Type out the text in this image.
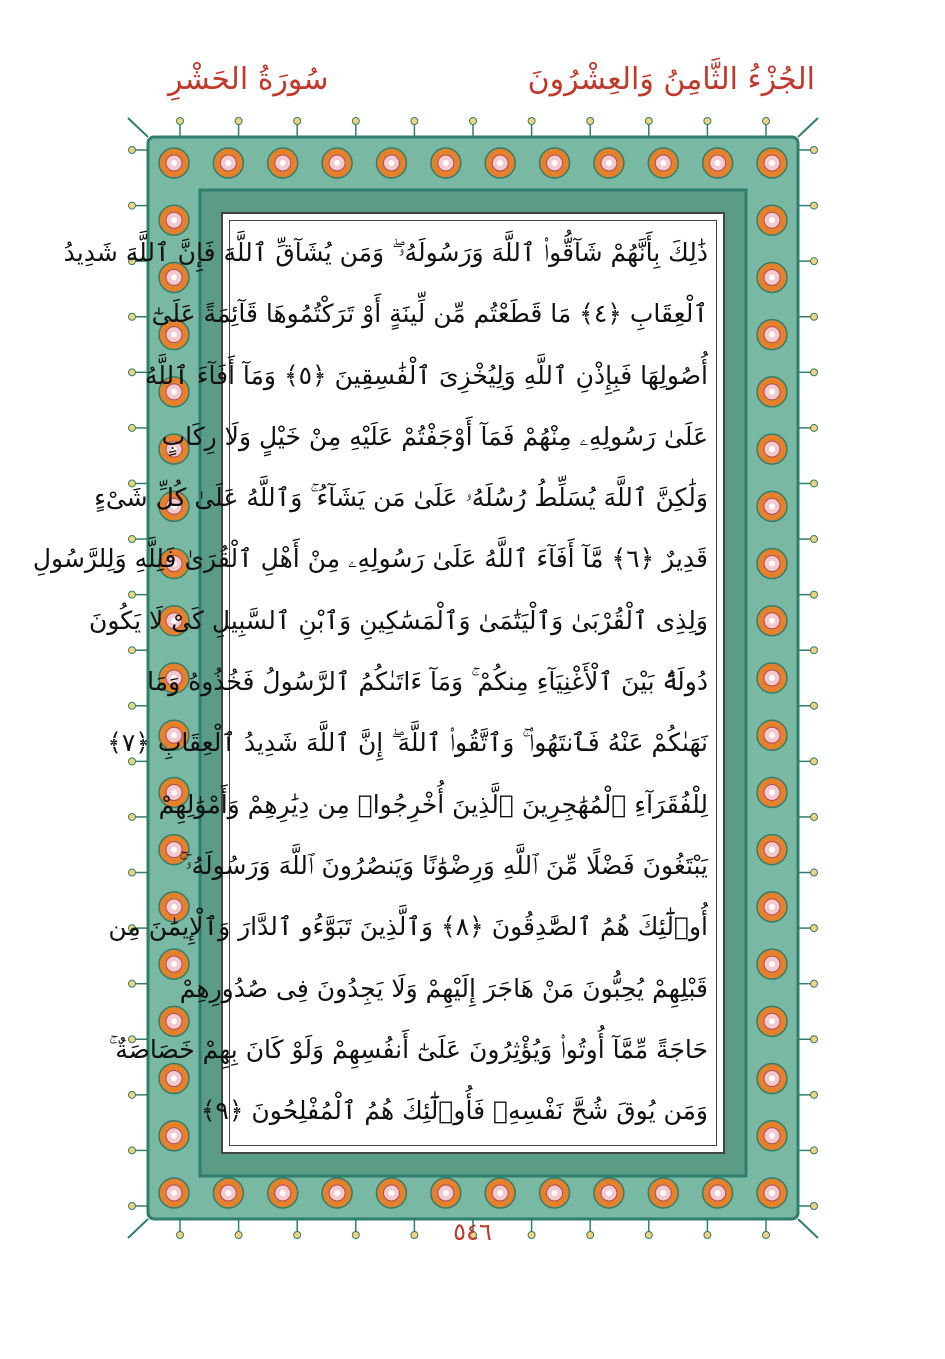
الجُزْءُ الثَّامِنُ وَالعِشْرُونَ
سُورَةُ الحَشْرِ
ذَٰلِكَ بِأَنَّهُمْ شَآقُّوا۟ ٱللَّهَ وَرَسُولَهُۥ ۖ وَمَن يُشَآقِّ ٱللَّهَ فَإِنَّ ٱللَّهَ شَدِيدُ
ٱلْعِقَابِ ﴿٤﴾ مَا قَطَعْتُم مِّن لِّينَةٍ أَوْ تَرَكْتُمُوهَا قَآئِمَةً عَلَىٰٓ
أُصُولِهَا فَبِإِذْنِ ٱللَّهِ وَلِيُخْزِىَ ٱلْفَٰسِقِينَ ﴿٥﴾ وَمَآ أَفَآءَ ٱللَّهُ
عَلَىٰ رَسُولِهِۦ مِنْهُمْ فَمَآ أَوْجَفْتُمْ عَلَيْهِ مِنْ خَيْلٍ وَلَا رِكَابٍ
وَلَٰكِنَّ ٱللَّهَ يُسَلِّطُ رُسُلَهُۥ عَلَىٰ مَن يَشَآءُ ۚ وَٱللَّهُ عَلَىٰ كُلِّ شَىْءٍ
قَدِيرٌ ﴿٦﴾ مَّآ أَفَآءَ ٱللَّهُ عَلَىٰ رَسُولِهِۦ مِنْ أَهْلِ ٱلْقُرَىٰ فَلِلَّهِ وَلِلرَّسُولِ
وَلِذِى ٱلْقُرْبَىٰ وَٱلْيَتَٰمَىٰ وَٱلْمَسَٰكِينِ وَٱبْنِ ٱلسَّبِيلِ كَىْ لَا يَكُونَ
دُولَةًۢ بَيْنَ ٱلْأَغْنِيَآءِ مِنكُمْ ۚ وَمَآ ءَاتَىٰكُمُ ٱلرَّسُولُ فَخُذُوهُ وَمَا
نَهَىٰكُمْ عَنْهُ فَٱنتَهُوا۟ ۚ وَٱتَّقُوا۟ ٱللَّهَ ۖ إِنَّ ٱللَّهَ شَدِيدُ ٱلْعِقَابِ ﴿٧﴾
لِلْفُقَرَآءِ ٱلْمُهَٰجِرِينَ ٱلَّذِينَ أُخْرِجُوا۟ مِن دِيَٰرِهِمْ وَأَمْوَٰلِهِمْ
يَبْتَغُونَ فَضْلًا مِّنَ ٱللَّهِ وَرِضْوَٰنًا وَيَنصُرُونَ ٱللَّهَ وَرَسُولَهُۥٓ ۚ
أُو۟لَٰٓئِكَ هُمُ ٱلصَّٰدِقُونَ ﴿٨﴾ وَٱلَّذِينَ تَبَوَّءُو ٱلدَّارَ وَٱلْإِيمَٰنَ مِن
قَبْلِهِمْ يُحِبُّونَ مَنْ هَاجَرَ إِلَيْهِمْ وَلَا يَجِدُونَ فِى صُدُورِهِمْ
حَاجَةً مِّمَّآ أُوتُوا۟ وَيُؤْثِرُونَ عَلَىٰٓ أَنفُسِهِمْ وَلَوْ كَانَ بِهِمْ خَصَاصَةٌ ۚ
وَمَن يُوقَ شُحَّ نَفْسِهِۦ فَأُو۟لَٰٓئِكَ هُمُ ٱلْمُفْلِحُونَ ﴿٩﴾
٥٤٦
